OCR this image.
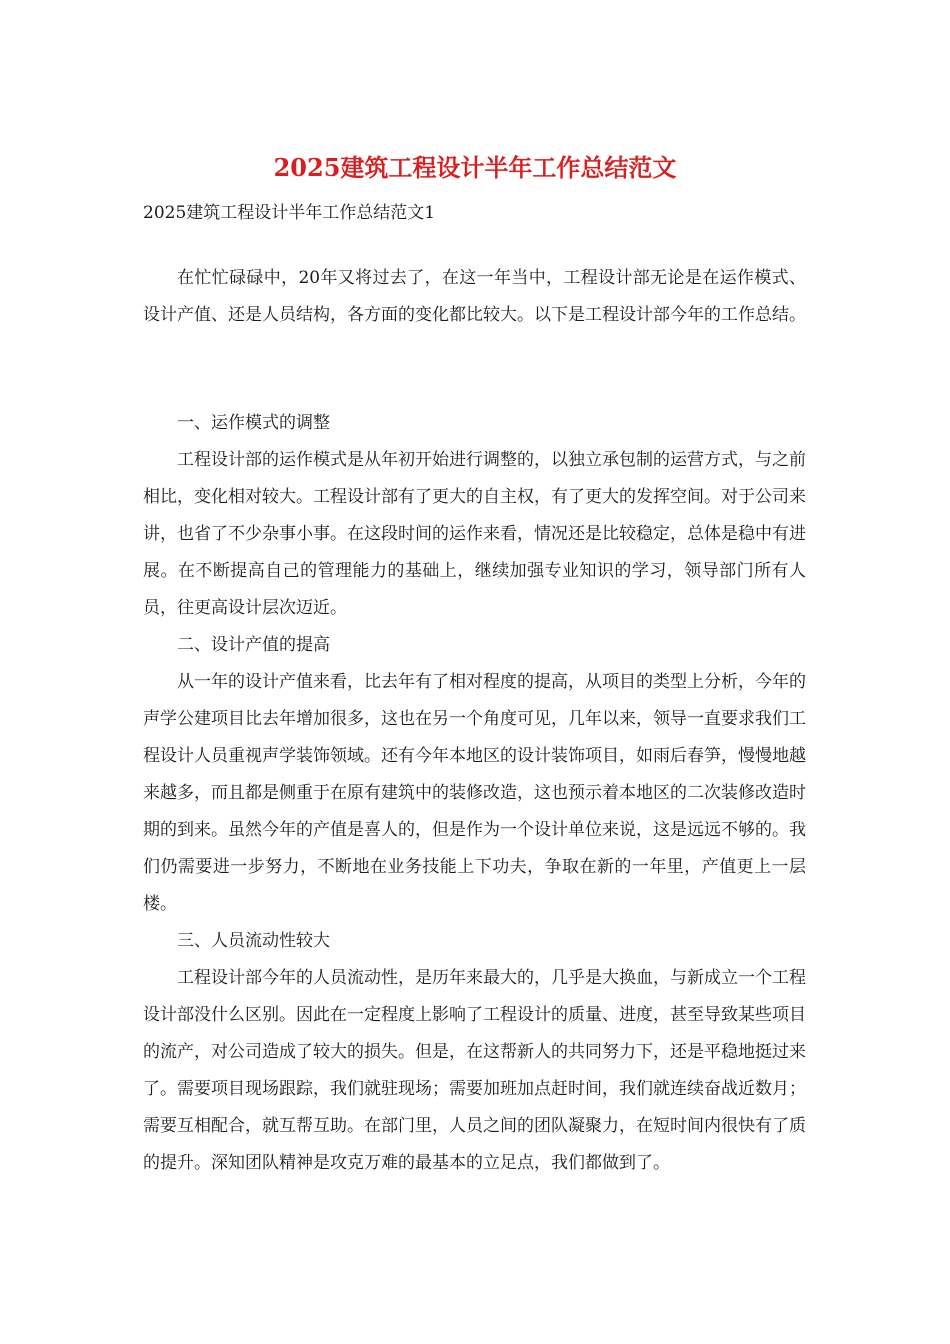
2025建筑工程设计半年工作总结范文
2025建筑工程设计半年工作总结范文1

在忙忙碌碌中，20年又将过去了，在这一年当中，工程设计部无论是在运作模式、设计产值、还是人员结构，各方面的变化都比较大。以下是工程设计部今年的工作总结。

一、运作模式的调整

工程设计部的运作模式是从年初开始进行调整的，以独立承包制的运营方式，与之前相比，变化相对较大。工程设计部有了更大的自主权，有了更大的发挥空间。对于公司来讲，也省了不少杂事小事。在这段时间的运作来看，情况还是比较稳定，总体是稳中有进展。在不断提高自己的管理能力的基础上，继续加强专业知识的学习，领导部门所有人员，往更高设计层次迈近。

二、设计产值的提高

从一年的设计产值来看，比去年有了相对程度的提高，从项目的类型上分析，今年的声学公建项目比去年增加很多，这也在另一个角度可见，几年以来，领导一直要求我们工程设计人员重视声学装饰领域。还有今年本地区的设计装饰项目，如雨后春笋，慢慢地越来越多，而且都是侧重于在原有建筑中的装修改造，这也预示着本地区的二次装修改造时期的到来。虽然今年的产值是喜人的，但是作为一个设计单位来说，这是远远不够的。我们仍需要进一步努力，不断地在业务技能上下功夫，争取在新的一年里，产值更上一层楼。

三、人员流动性较大

工程设计部今年的人员流动性，是历年来最大的，几乎是大换血，与新成立一个工程设计部没什么区别。因此在一定程度上影响了工程设计的质量、进度，甚至导致某些项目的流产，对公司造成了较大的损失。但是，在这帮新人的共同努力下，还是平稳地挺过来了。需要项目现场跟踪，我们就驻现场；需要加班加点赶时间，我们就连续奋战近数月；需要互相配合，就互帮互助。在部门里，人员之间的团队凝聚力，在短时间内很快有了质的提升。深知团队精神是攻克万难的最基本的立足点，我们都做到了。
